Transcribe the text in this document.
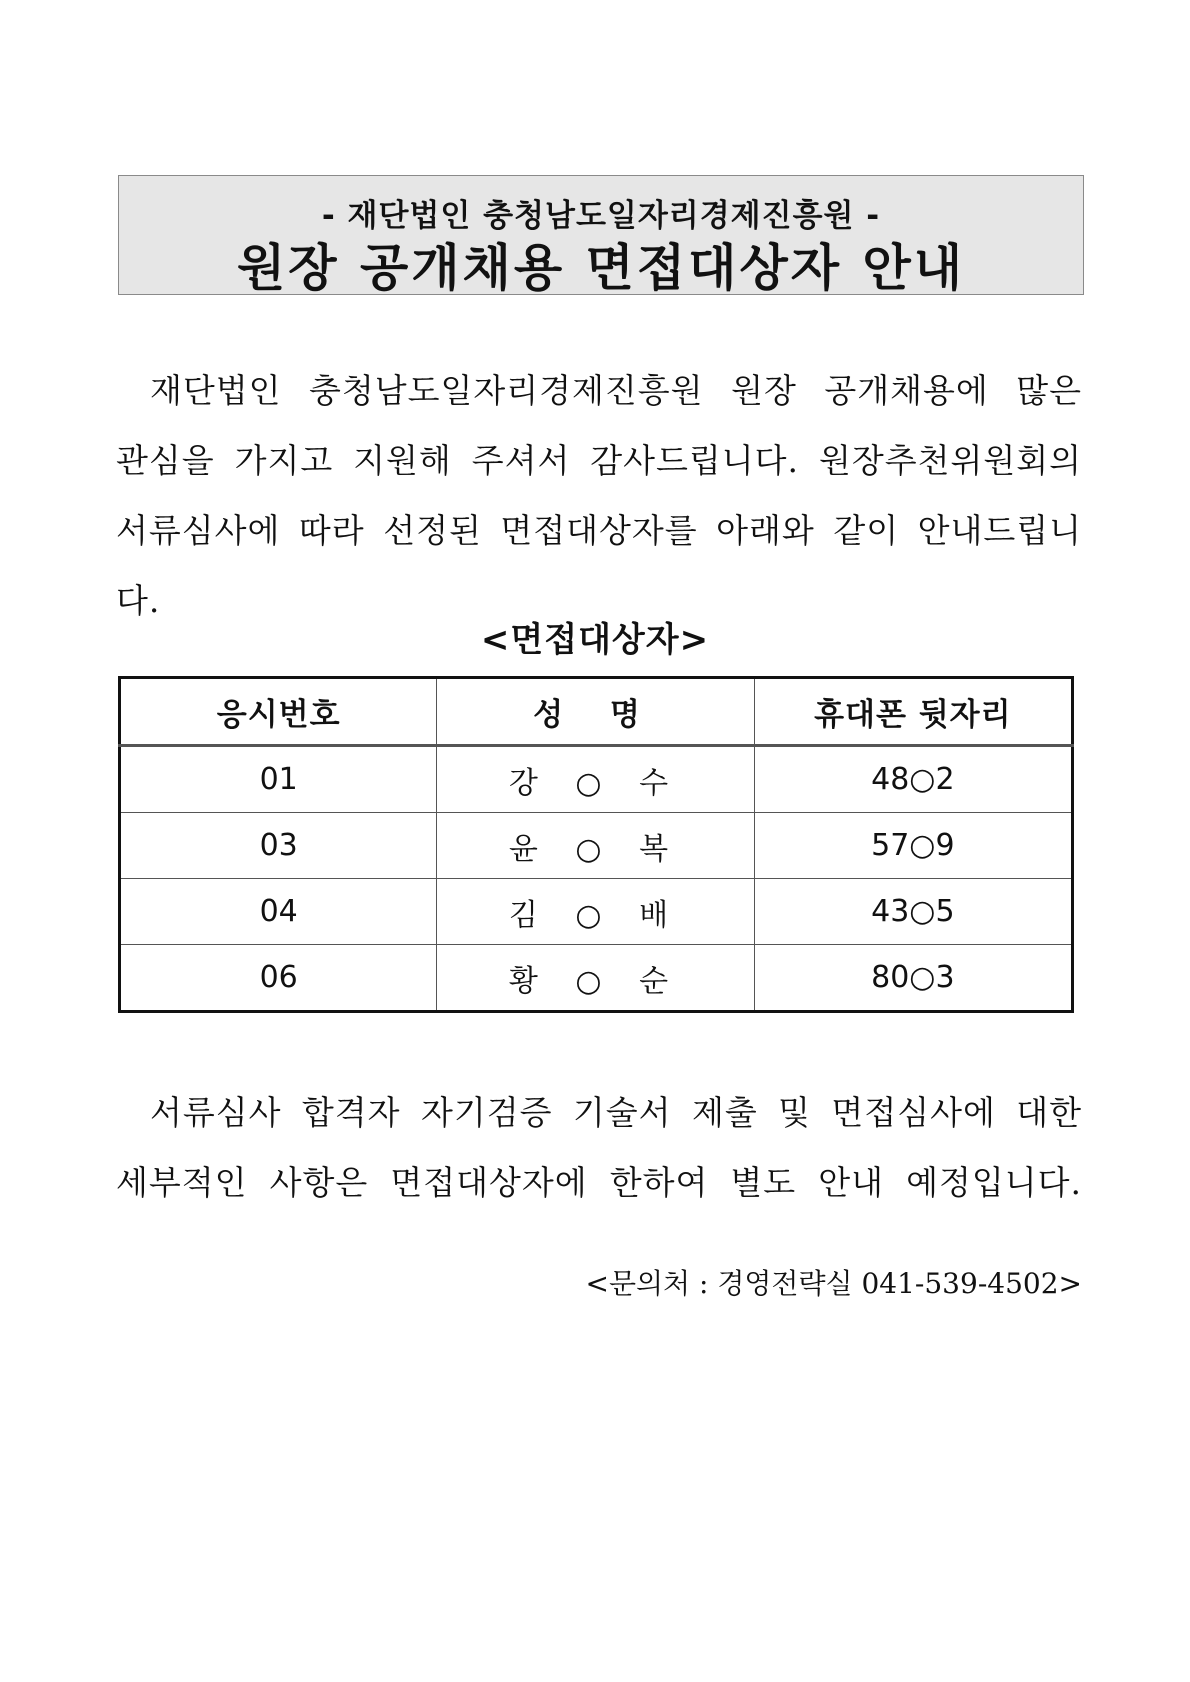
- 재단법인 충청남도일자리경제진흥원 -
원장 공개채용 면접대상자 안내
재단법인 충청남도일자리경제진흥원 원장 공개채용에 많은
관심을 가지고 지원해 주셔서 감사드립니다. 원장추천위원회의
서류심사에 따라 선정된 면접대상자를 아래와 같이 안내드립니다.
<면접대상자>
응시번호	성 명	휴대폰 뒷자리
01	강 ○ 수	48○2
03	윤 ○ 복	57○9
04	김 ○ 배	43○5
06	황 ○ 순	80○3
서류심사 합격자 자기검증 기술서 제출 및 면접심사에 대한
세부적인 사항은 면접대상자에 한하여 별도 안내 예정입니다.
<문의처 : 경영전략실 041-539-4502>
